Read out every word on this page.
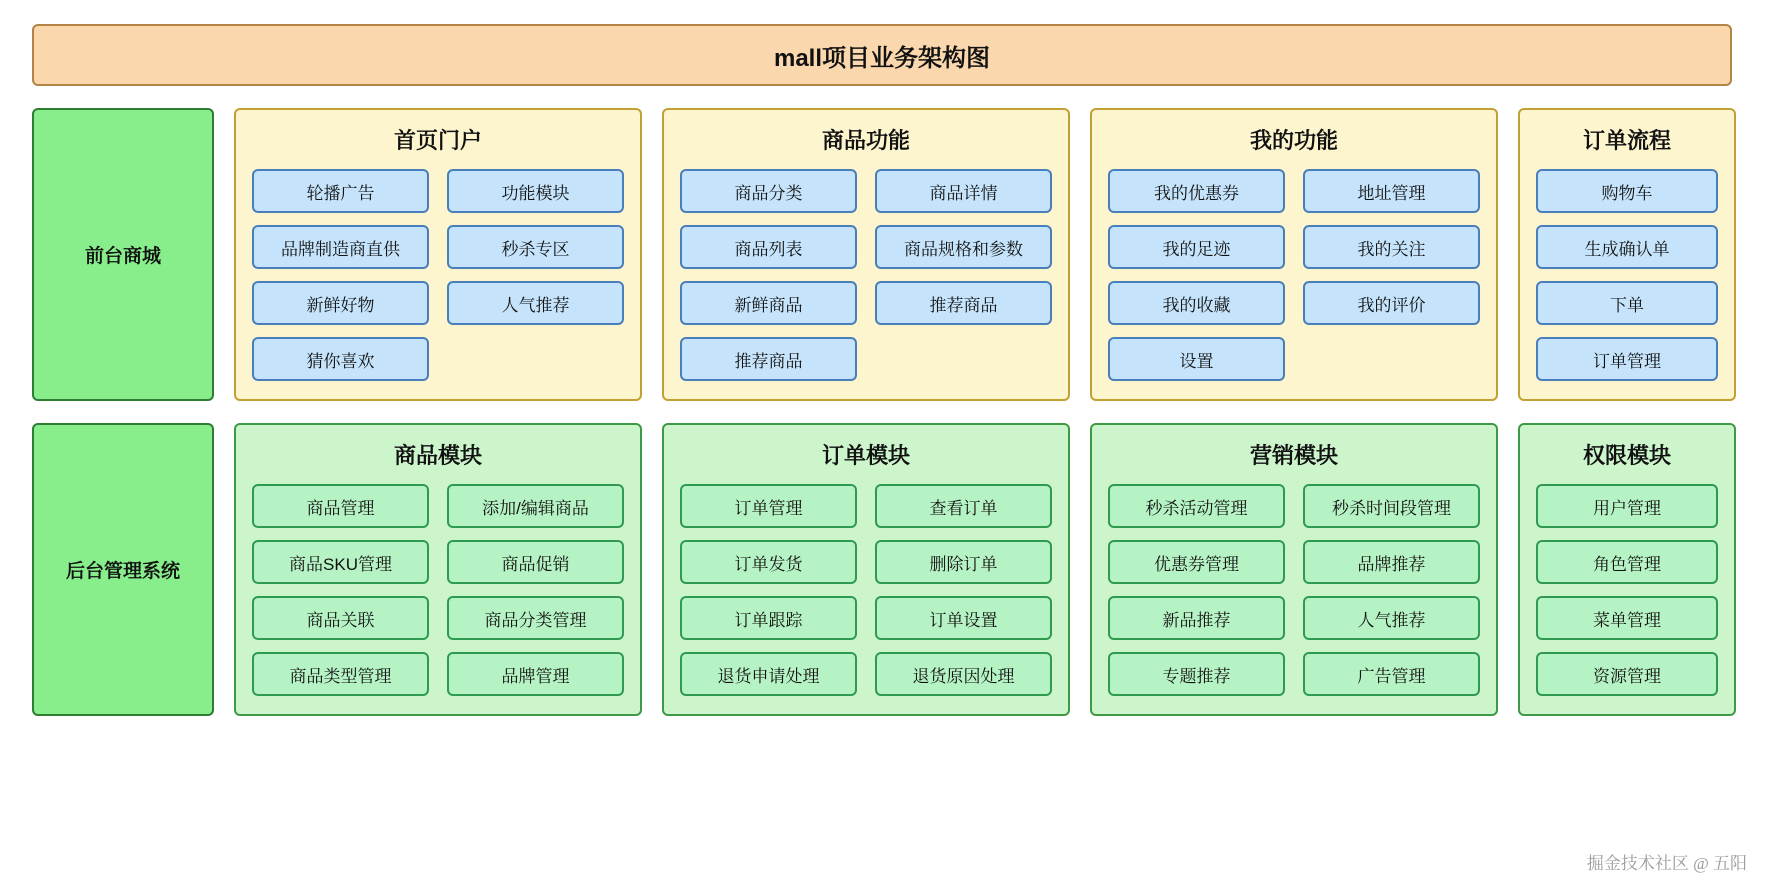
mall项目业务架构图
前台商城
首页门户
轮播广告	功能模块
品牌制造商直供	秒杀专区
新鲜好物	人气推荐
猜你喜欢
商品功能
商品分类	商品详情
商品列表	商品规格和参数
新鲜商品	推荐商品
推荐商品
我的功能
我的优惠券	地址管理
我的足迹	我的关注
我的收藏	我的评价
设置
订单流程
购物车
生成确认单
下单
订单管理
后台管理系统
商品模块
商品管理	添加/编辑商品
商品SKU管理	商品促销
商品关联	商品分类管理
商品类型管理	品牌管理
订单模块
订单管理	查看订单
订单发货	删除订单
订单跟踪	订单设置
退货申请处理	退货原因处理
营销模块
秒杀活动管理	秒杀时间段管理
优惠券管理	品牌推荐
新品推荐	人气推荐
专题推荐	广告管理
权限模块
用户管理
角色管理
菜单管理
资源管理
掘金技术社区 @ 五阳
